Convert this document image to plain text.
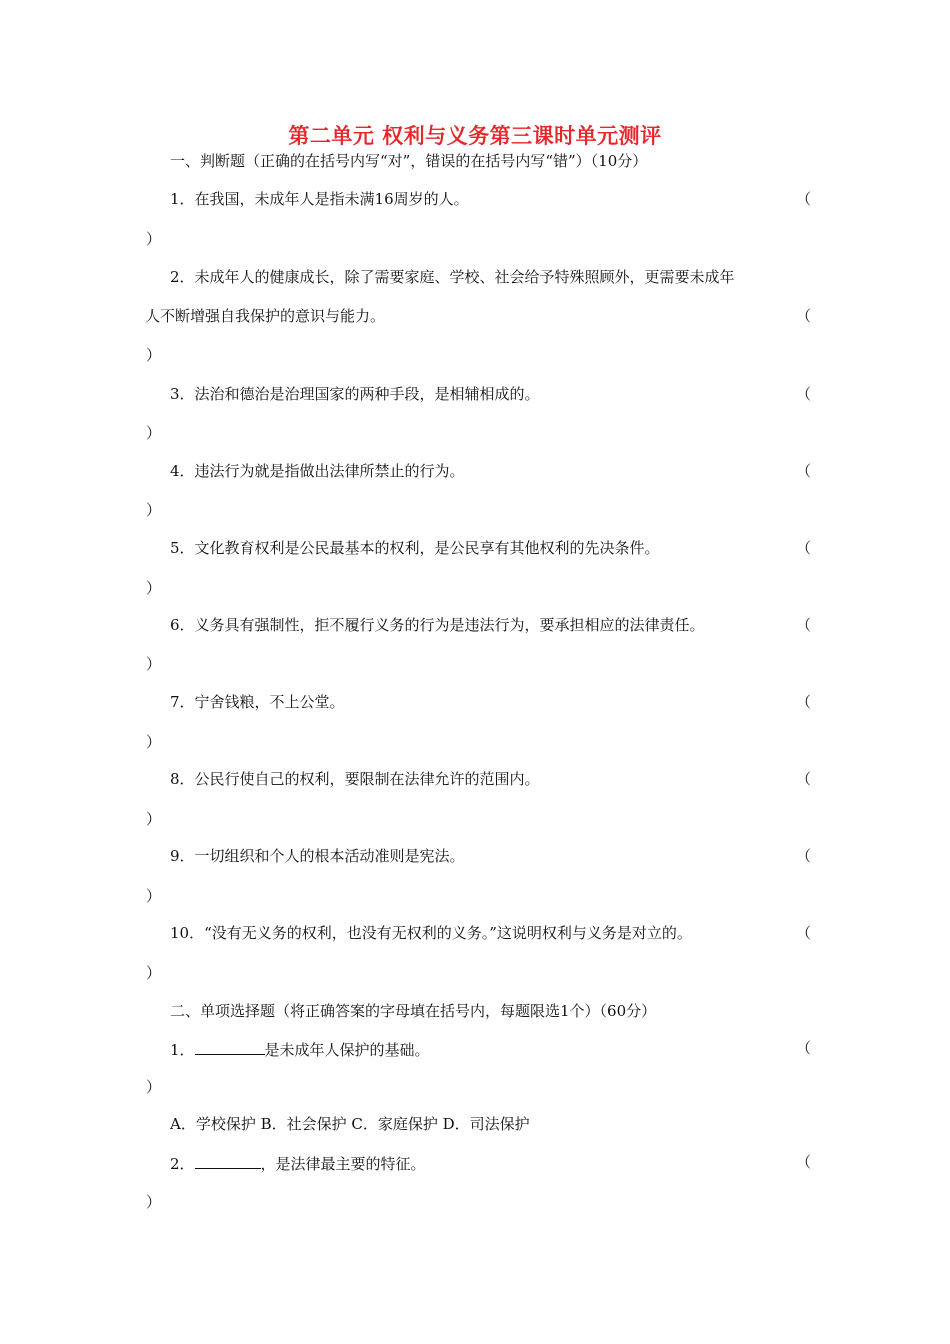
第二单元 权利与义务第三课时单元测评
一、判断题（正确的在括号内写“对”，错误的在括号内写“错”）（10分）
1．在我国，未成年人是指未满16周岁的人。	（
）
2．未成年人的健康成长，除了需要家庭、学校、社会给予特殊照顾外，更需要未成年
人不断增强自我保护的意识与能力。	（
）
3．法治和德治是治理国家的两种手段，是相辅相成的。	（
）
4．违法行为就是指做出法律所禁止的行为。	（
）
5．文化教育权利是公民最基本的权利，是公民享有其他权利的先决条件。	（
）
6．义务具有强制性，拒不履行义务的行为是违法行为，要承担相应的法律责任。	（
）
7．宁舍钱粮，不上公堂。	（
）
8．公民行使自己的权利，要限制在法律允许的范围内。	（
）
9．一切组织和个人的根本活动准则是宪法。	（
）
10．“没有无义务的权利，也没有无权利的义务。”这说明权利与义务是对立的。	（
）
二、单项选择题（将正确答案的字母填在括号内，每题限选1个）（60分）
1．	是未成年人保护的基础。	（
）
A．学校保护 B．社会保护 C．家庭保护 D．司法保护
2．	，是法律最主要的特征。	（
）
